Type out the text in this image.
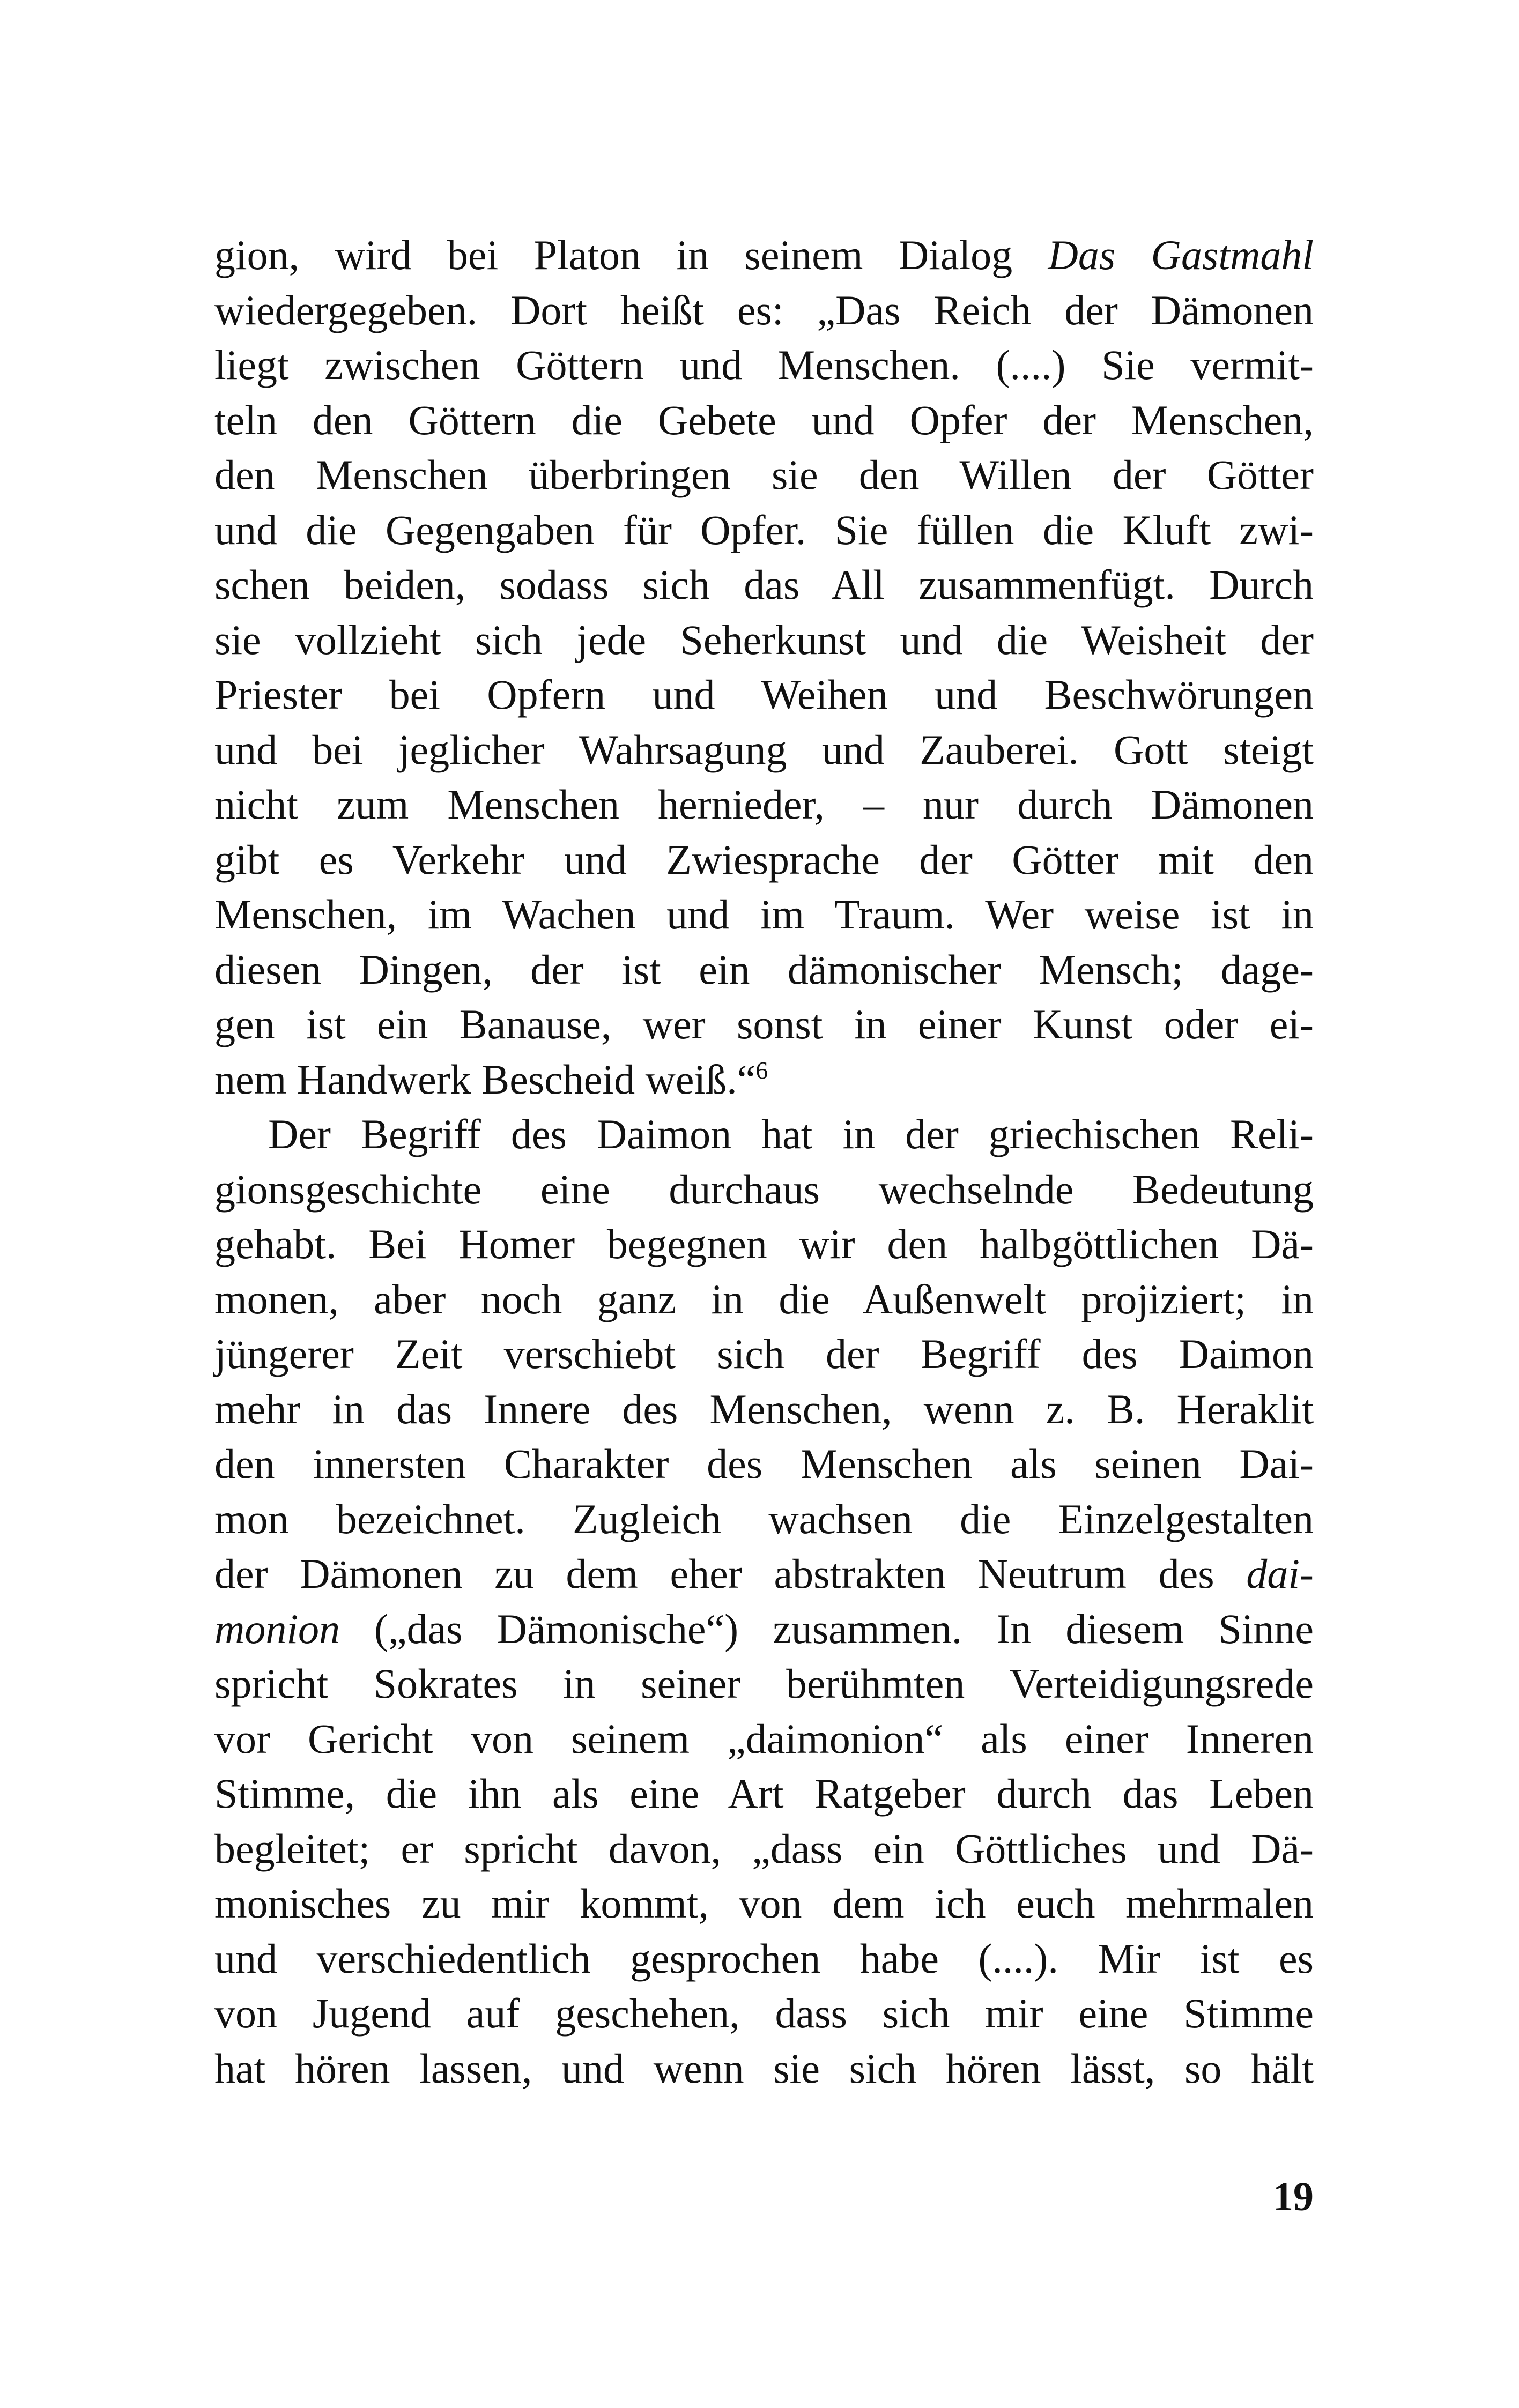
gion, wird bei Platon in seinem Dialog Das Gastmahl
wiedergegeben. Dort heißt es: „Das Reich der Dämonen
liegt zwischen Göttern und Menschen. (....) Sie vermit-
teln den Göttern die Gebete und Opfer der Menschen,
den Menschen überbringen sie den Willen der Götter
und die Gegengaben für Opfer. Sie füllen die Kluft zwi-
schen beiden, sodass sich das All zusammenfügt. Durch
sie vollzieht sich jede Seherkunst und die Weisheit der
Priester bei Opfern und Weihen und Beschwörungen
und bei jeglicher Wahrsagung und Zauberei. Gott steigt
nicht zum Menschen hernieder, – nur durch Dämonen
gibt es Verkehr und Zwiesprache der Götter mit den
Menschen, im Wachen und im Traum. Wer weise ist in
diesen Dingen, der ist ein dämonischer Mensch; dage-
gen ist ein Banause, wer sonst in einer Kunst oder ei-
nem Handwerk Bescheid weiß.“$^6$
Der Begriff des Daimon hat in der griechischen Reli-
gionsgeschichte eine durchaus wechselnde Bedeutung
gehabt. Bei Homer begegnen wir den halbgöttlichen Dä-
monen, aber noch ganz in die Außenwelt projiziert; in
jüngerer Zeit verschiebt sich der Begriff des Daimon
mehr in das Innere des Menschen, wenn z. B. Heraklit
den innersten Charakter des Menschen als seinen Dai-
mon bezeichnet. Zugleich wachsen die Einzelgestalten
der Dämonen zu dem eher abstrakten Neutrum des dai-
monion („das Dämonische“) zusammen. In diesem Sinne
spricht Sokrates in seiner berühmten Verteidigungsrede
vor Gericht von seinem „daimonion“ als einer Inneren
Stimme, die ihn als eine Art Ratgeber durch das Leben
begleitet; er spricht davon, „dass ein Göttliches und Dä-
monisches zu mir kommt, von dem ich euch mehrmalen
und verschiedentlich gesprochen habe (....). Mir ist es
von Jugend auf geschehen, dass sich mir eine Stimme
hat hören lassen, und wenn sie sich hören lässt, so hält
19
